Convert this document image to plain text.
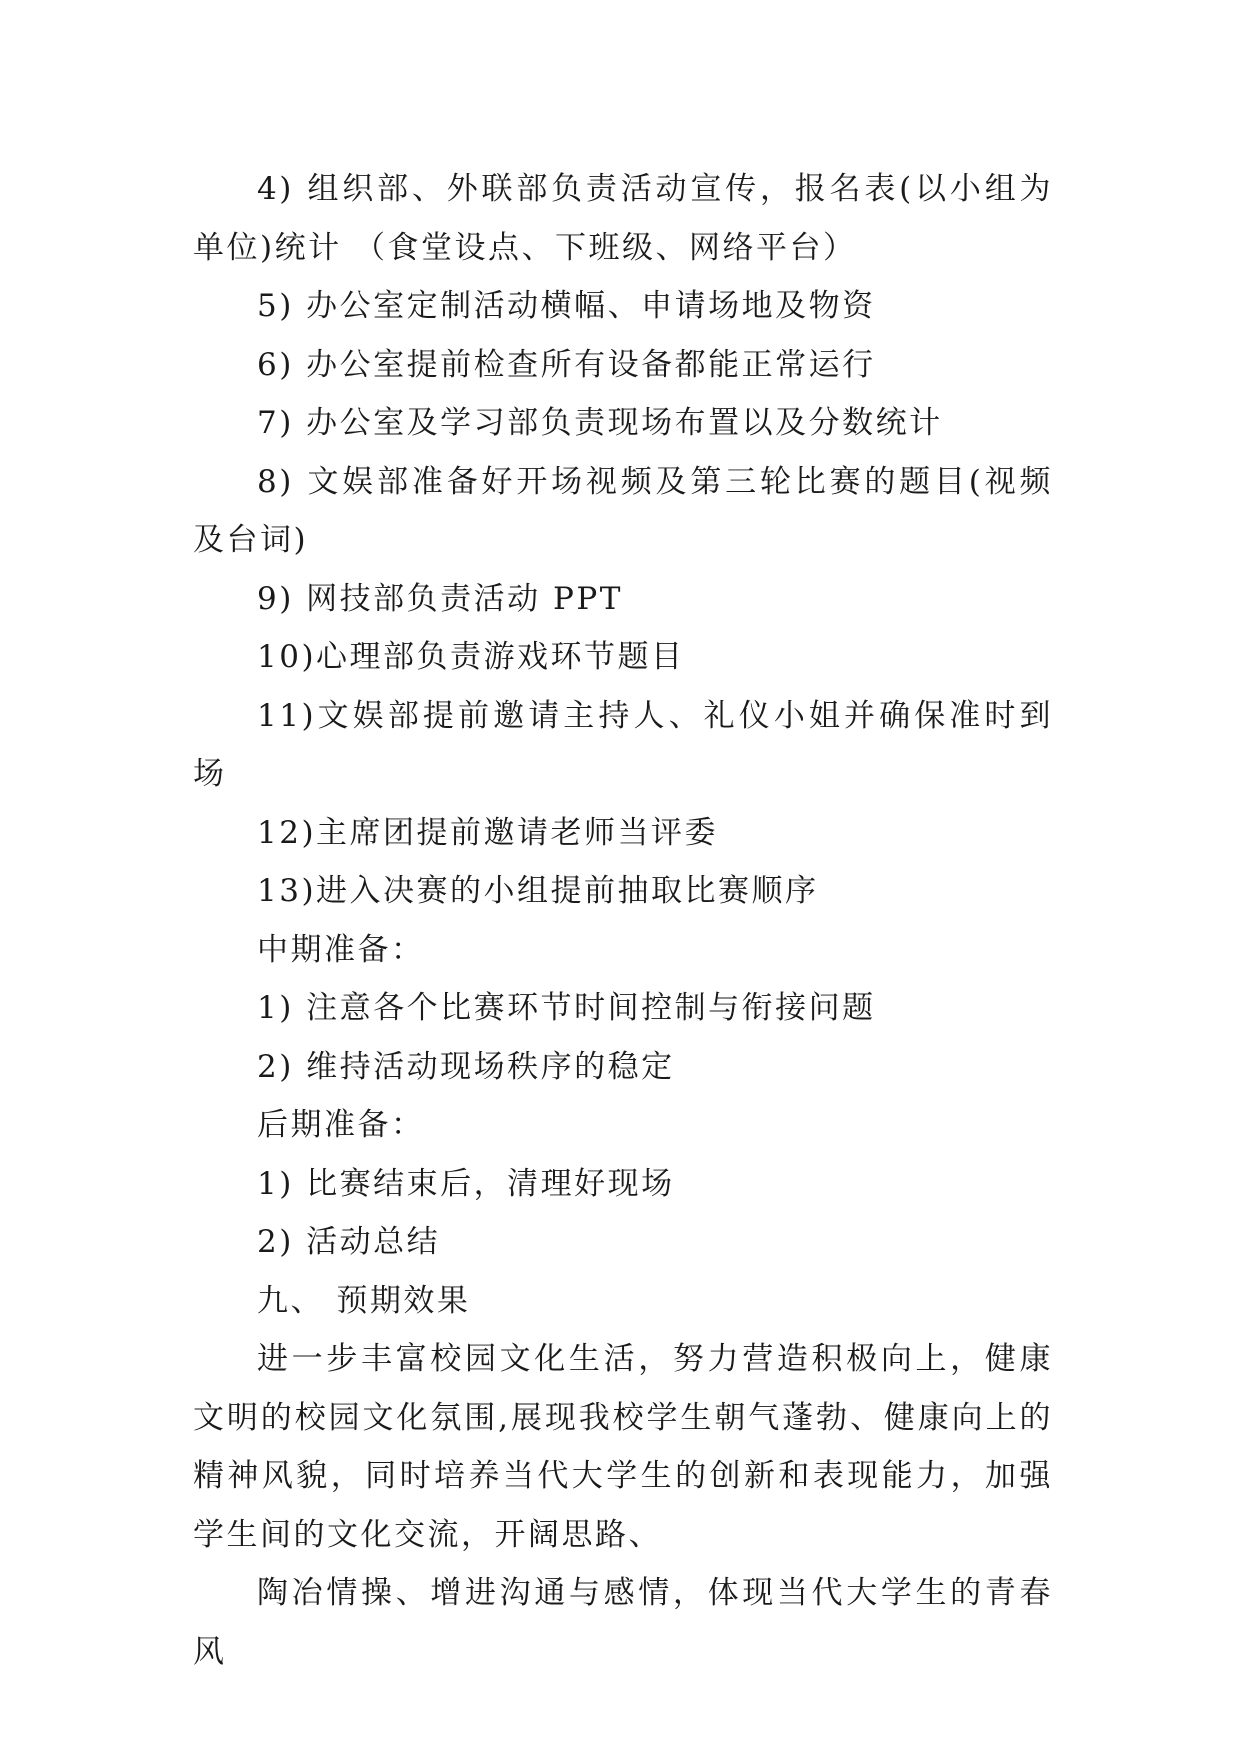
4) 组织部、外联部负责活动宣传，报名表(以小组为单位)统计 （食堂设点、下班级、网络平台）

5) 办公室定制活动横幅、申请场地及物资

6) 办公室提前检查所有设备都能正常运行

7) 办公室及学习部负责现场布置以及分数统计

8) 文娱部准备好开场视频及第三轮比赛的题目(视频及台词)

9) 网技部负责活动 PPT

10)心理部负责游戏环节题目

11)文娱部提前邀请主持人、礼仪小姐并确保准时到场

12)主席团提前邀请老师当评委

13)进入决赛的小组提前抽取比赛顺序

中期准备：

1) 注意各个比赛环节时间控制与衔接问题

2) 维持活动现场秩序的稳定

后期准备：

1) 比赛结束后，清理好现场

2) 活动总结

九、 预期效果

进一步丰富校园文化生活，努力营造积极向上，健康文明的校园文化氛围,展现我校学生朝气蓬勃、健康向上的精神风貌，同时培养当代大学生的创新和表现能力，加强学生间的文化交流，开阔思路、

陶冶情操、增进沟通与感情，体现当代大学生的青春风
